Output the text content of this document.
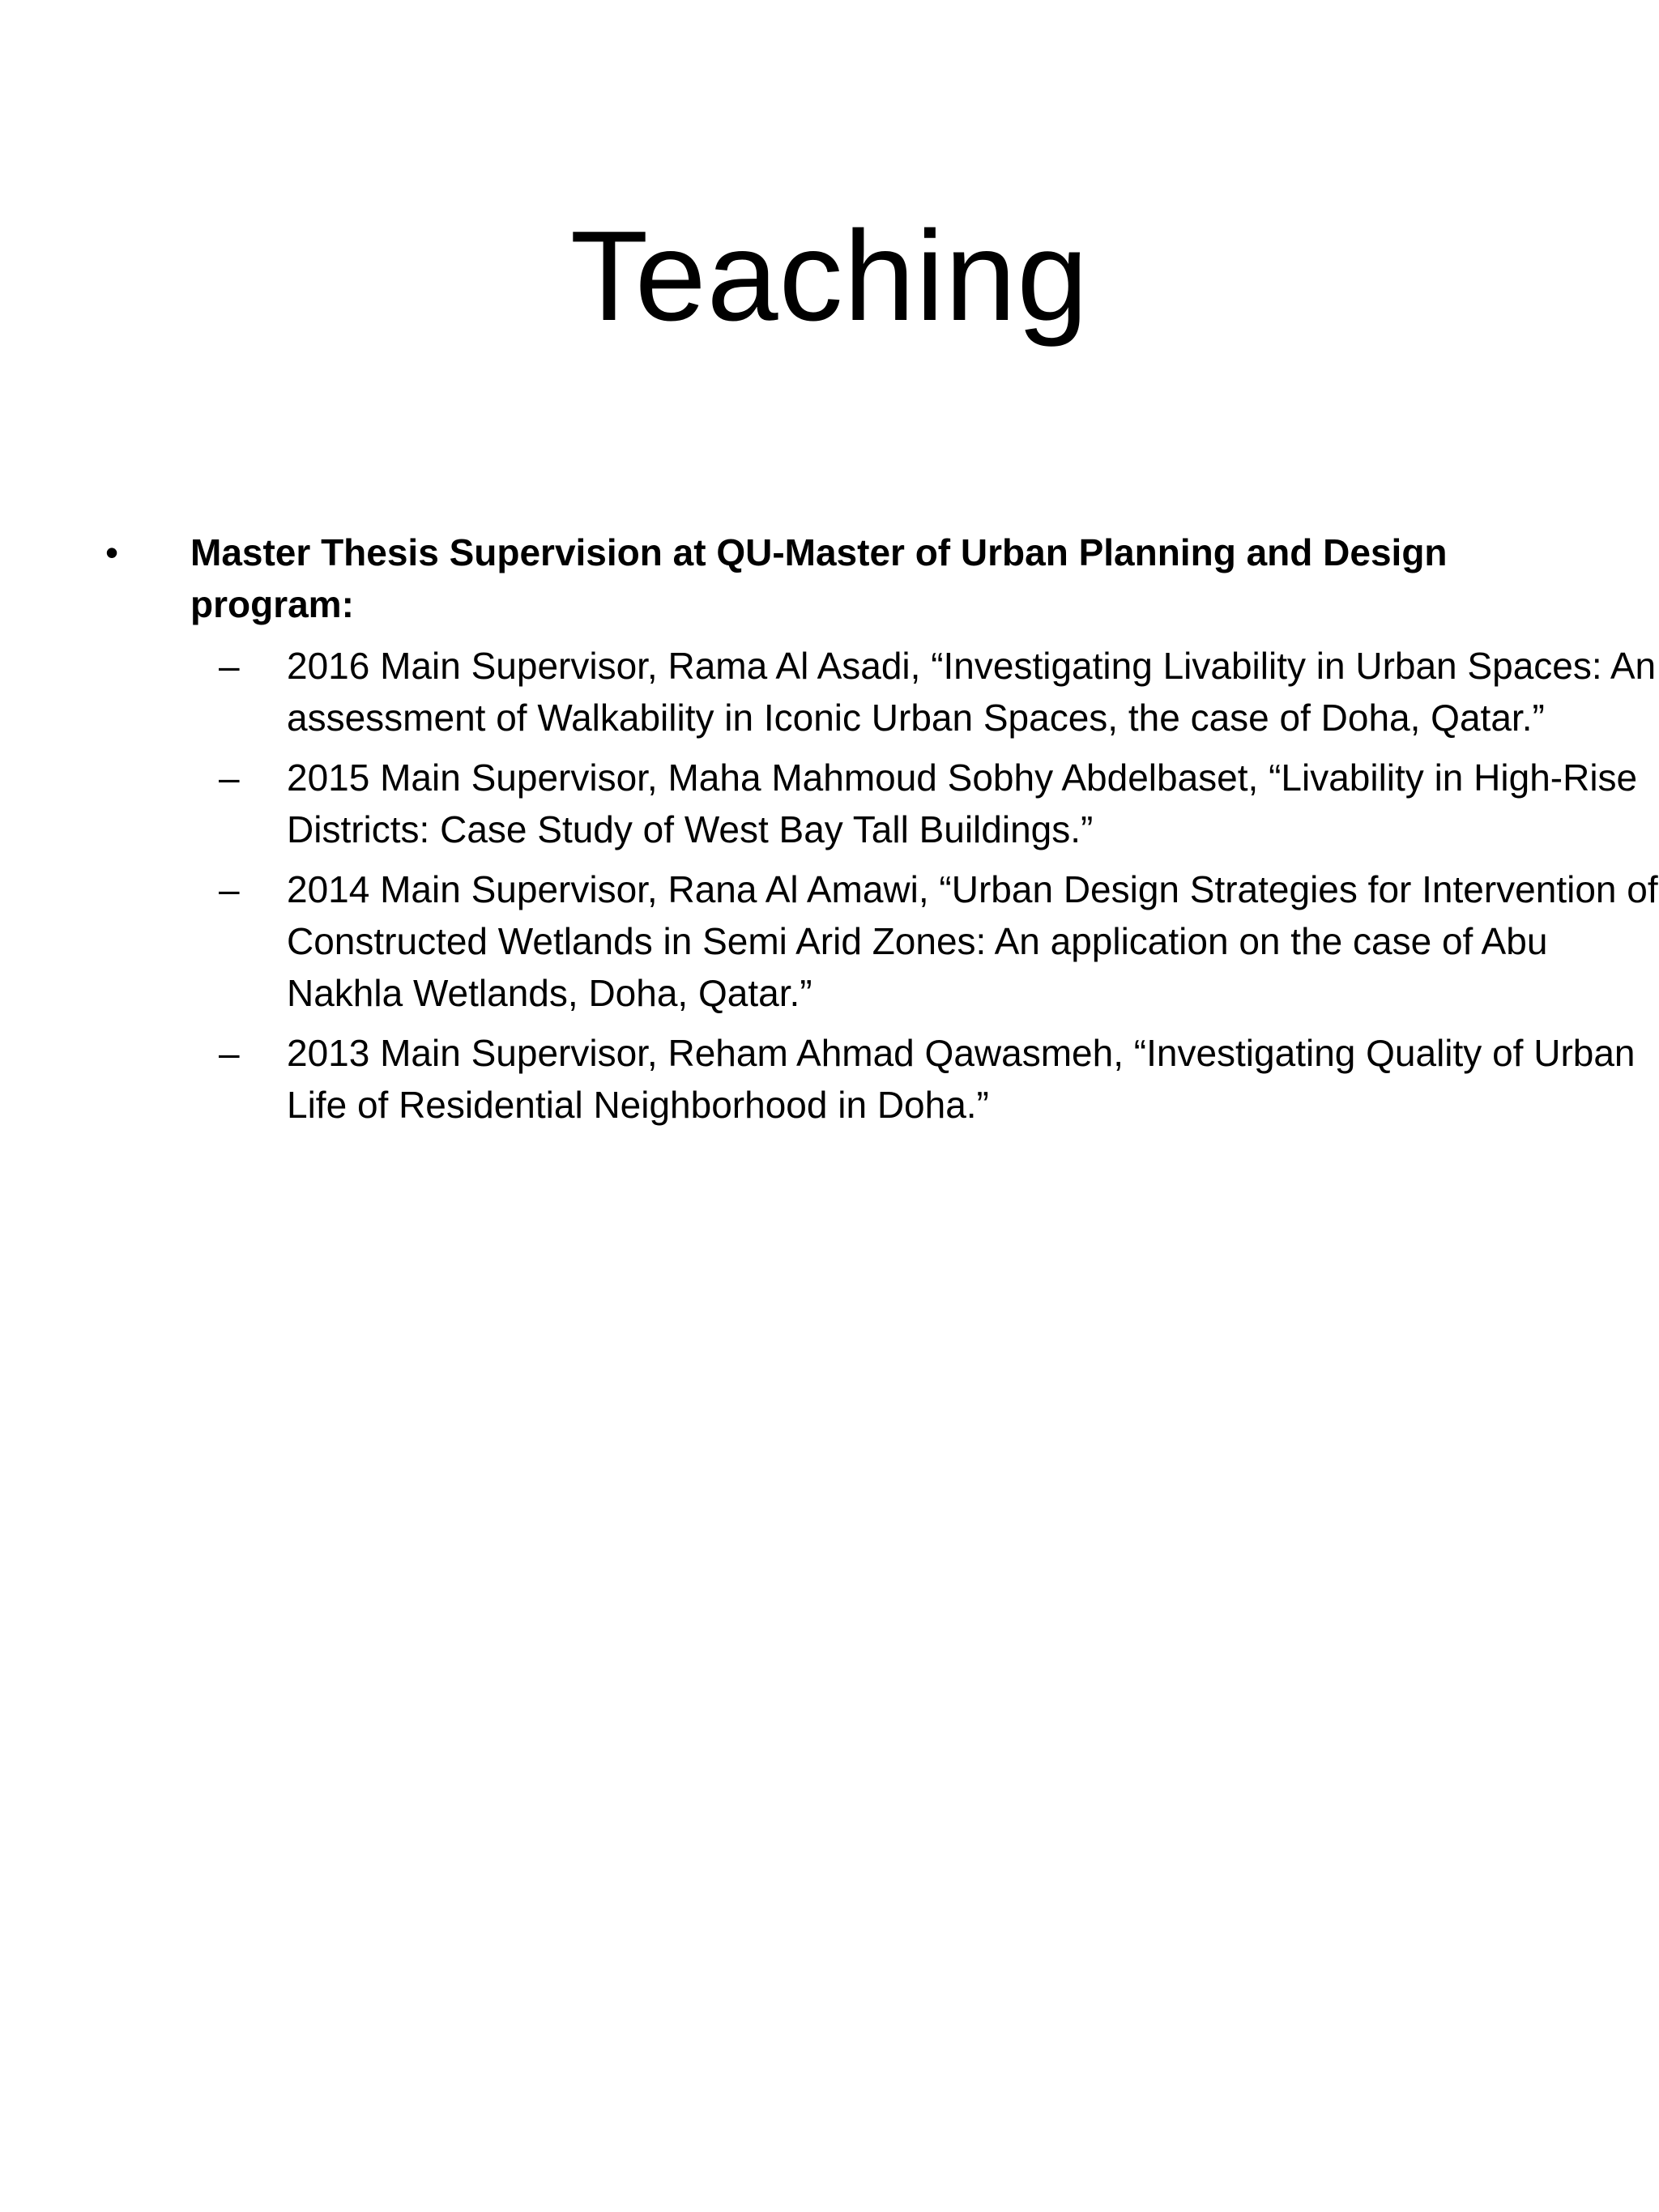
Teaching
• Master Thesis Supervision at QU-Master of Urban Planning and Design program:
– 2016 Main Supervisor, Rama Al Asadi, “Investigating Livability in Urban Spaces: An assessment of Walkability in Iconic Urban Spaces, the case of Doha, Qatar.”
– 2015 Main Supervisor, Maha Mahmoud Sobhy Abdelbaset, “Livability in High-Rise Districts: Case Study of West Bay Tall Buildings.”
– 2014 Main Supervisor, Rana Al Amawi, “Urban Design Strategies for Intervention of Constructed Wetlands in Semi Arid Zones: An application on the case of Abu Nakhla Wetlands, Doha, Qatar.”
– 2013 Main Supervisor, Reham Ahmad Qawasmeh, “Investigating Quality of Urban Life of Residential Neighborhood in Doha.”
